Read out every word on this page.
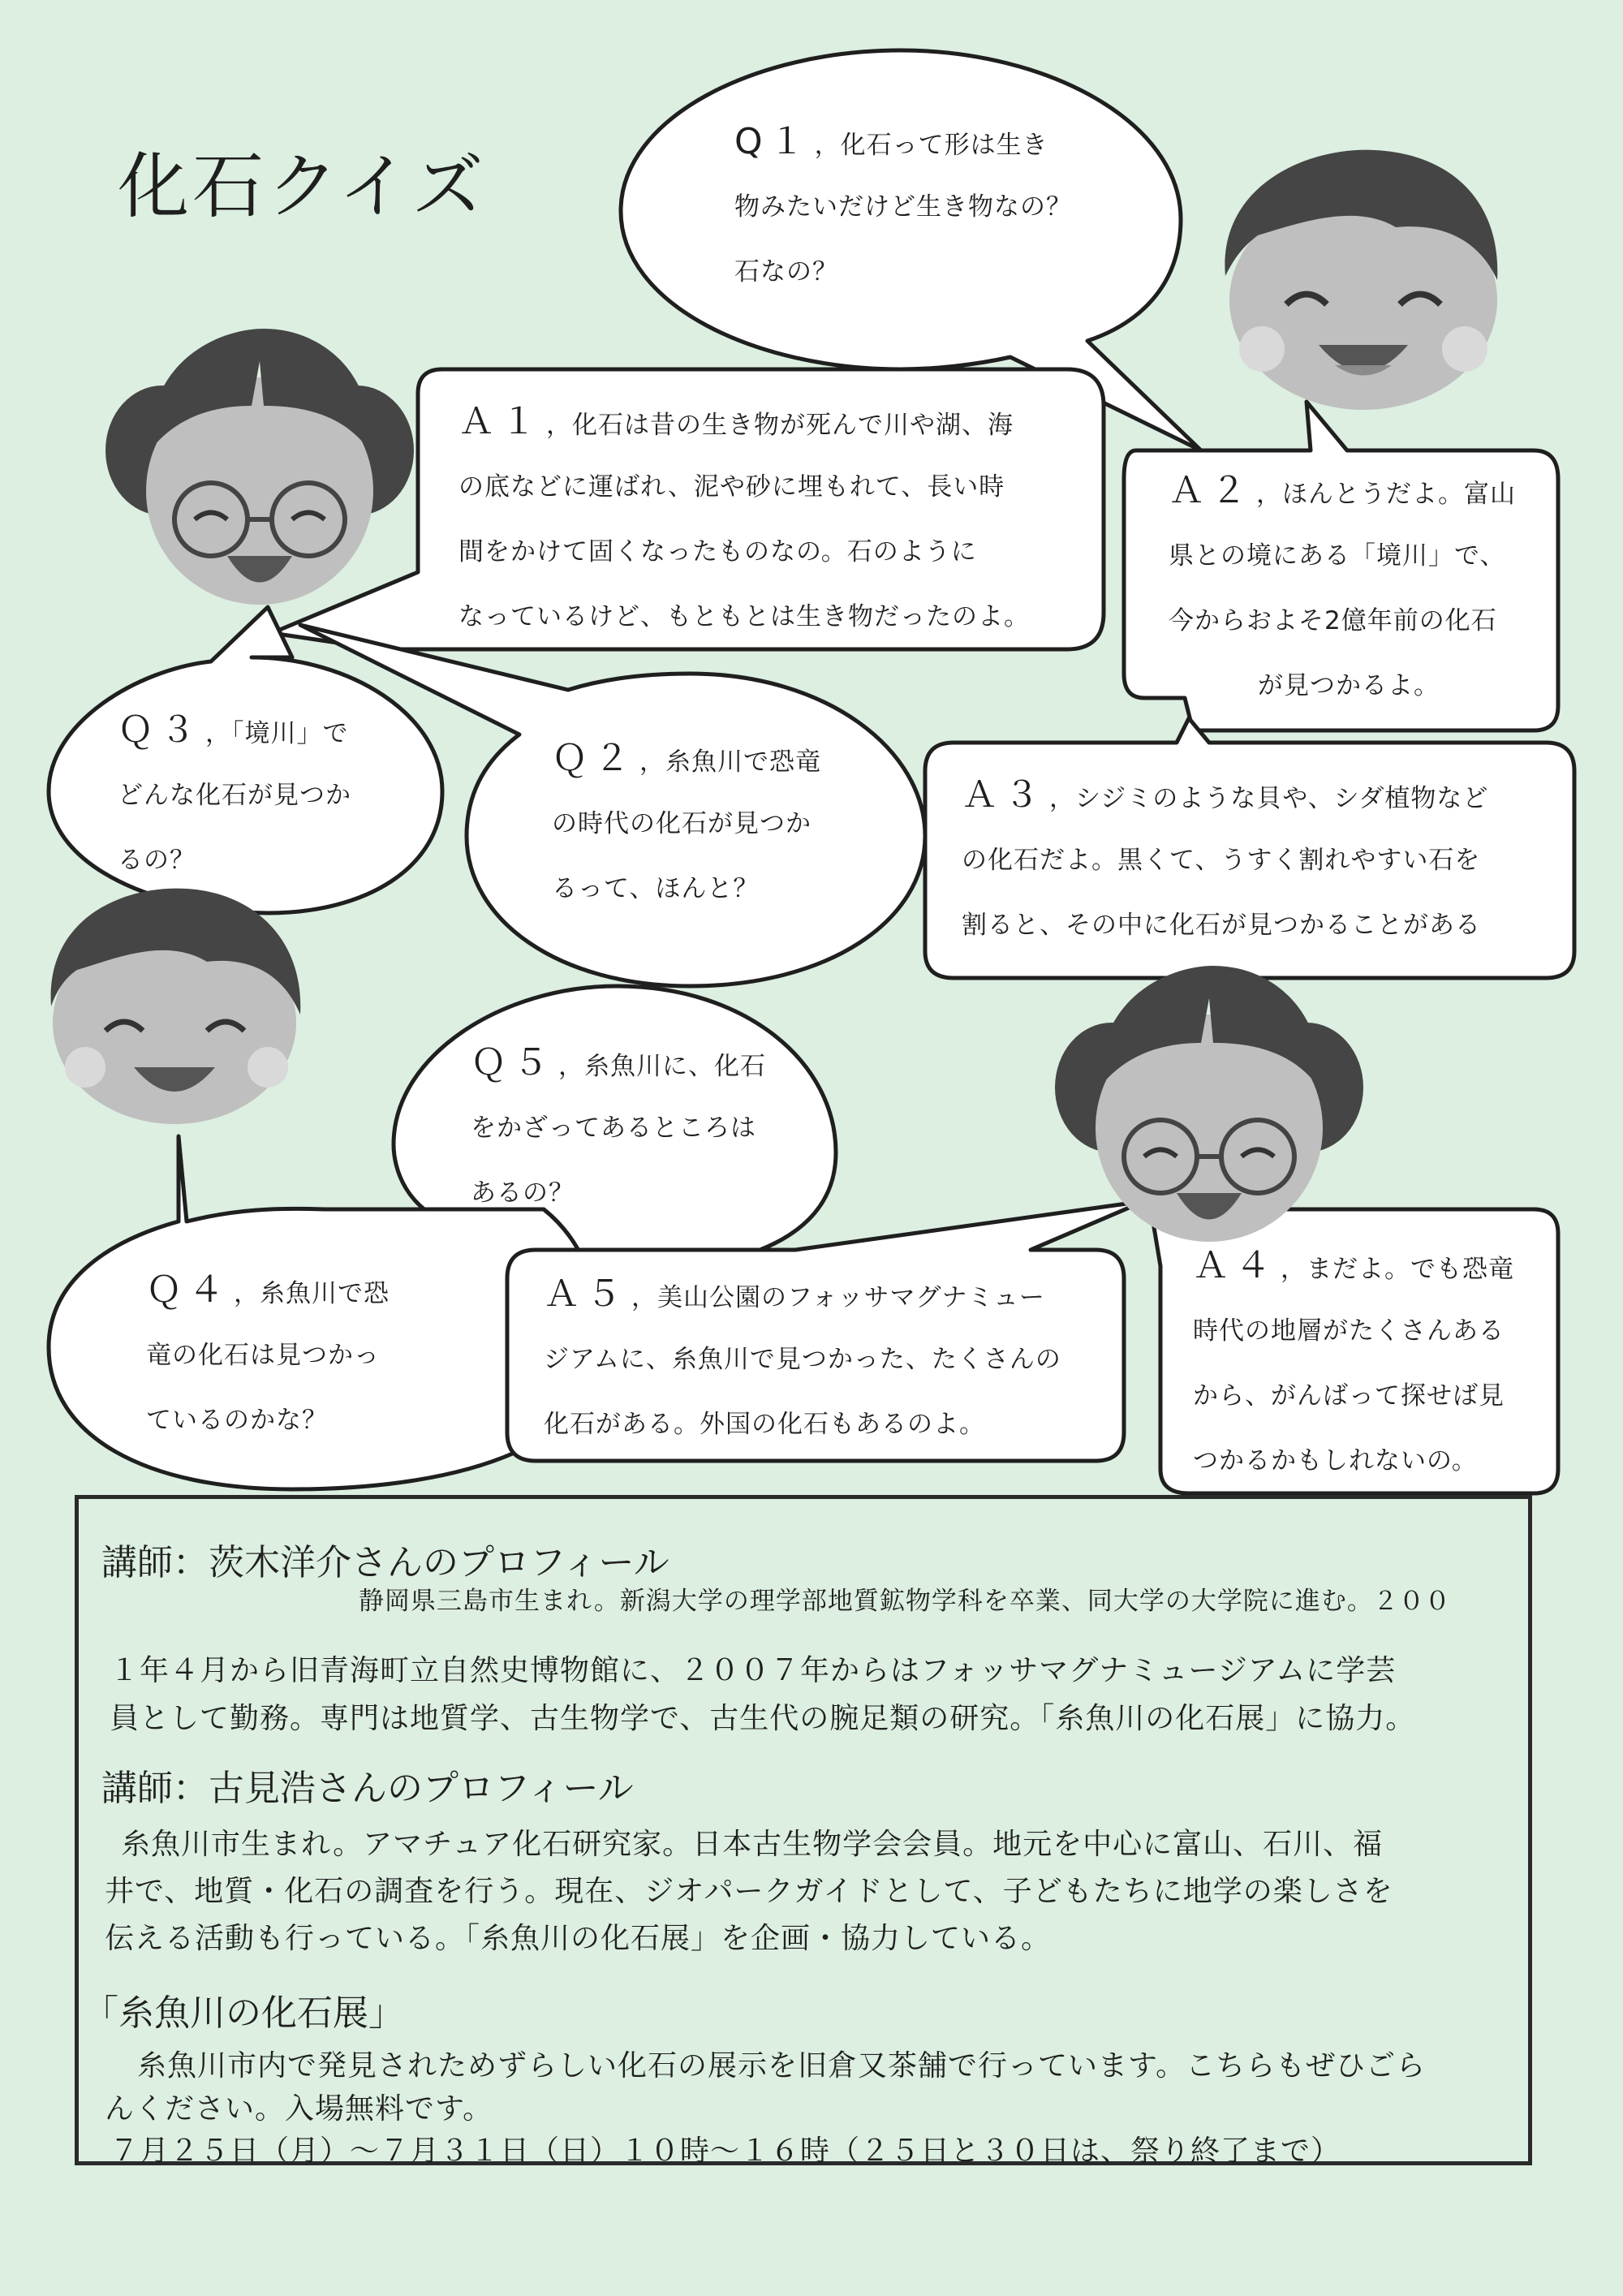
化石クイズ
Q１ ，化石って形は生き
物みたいだけど生き物なの？
石なの？
Ａ１ ，化石は昔の生き物が死んで川や湖、海
の底などに運ばれ、泥や砂に埋もれて、長い時
間をかけて固くなったものなの。石のように
なっているけど、もともとは生き物だったのよ。
Ａ２ ，ほんとうだよ。富山
県との境にある「境川」で、
今からおよそ2億年前の化石
が見つかるよ。
Ｑ３ ，「境川」で
どんな化石が見つか
るの？
Ｑ２ ，糸魚川で恐竜
の時代の化石が見つか
るって、ほんと？
Ａ３ ，シジミのような貝や、シダ植物など
の化石だよ。黒くて、うすく割れやすい石を
割ると、その中に化石が見つかることがある
Ｑ５ ，糸魚川に、化石
をかざってあるところは
あるの？
Ｑ４ ，糸魚川で恐
竜の化石は見つかっ
ているのかな？
Ａ５ ，美山公園のフォッサマグナミュー
ジアムに、糸魚川で見つかった、たくさんの
化石がある。外国の化石もあるのよ。
Ａ４ ，まだよ。でも恐竜
時代の地層がたくさんある
から、がんばって探せば見
つかるかもしれないの。
講師：茨木洋介さんのプロフィール
静岡県三島市生まれ。新潟大学の理学部地質鉱物学科を卒業、同大学の大学院に進む。２００
１年４月から旧青海町立自然史博物館に、２００７年からはフォッサマグナミュージアムに学芸
員として勤務。専門は地質学、古生物学で、古生代の腕足類の研究。「糸魚川の化石展」に協力。
講師：古見浩さんのプロフィール
糸魚川市生まれ。アマチュア化石研究家。日本古生物学会会員。地元を中心に富山、石川、福
井で、地質・化石の調査を行う。現在、ジオパークガイドとして、子どもたちに地学の楽しさを
伝える活動も行っている。「糸魚川の化石展」を企画・協力している。
「糸魚川の化石展」
糸魚川市内で発見されためずらしい化石の展示を旧倉又茶舗で行っています。こちらもぜひごら
んください。入場無料です。
７月２５日（月）～７月３１日（日）１０時～１６時（２５日と３０日は、祭り終了まで）
